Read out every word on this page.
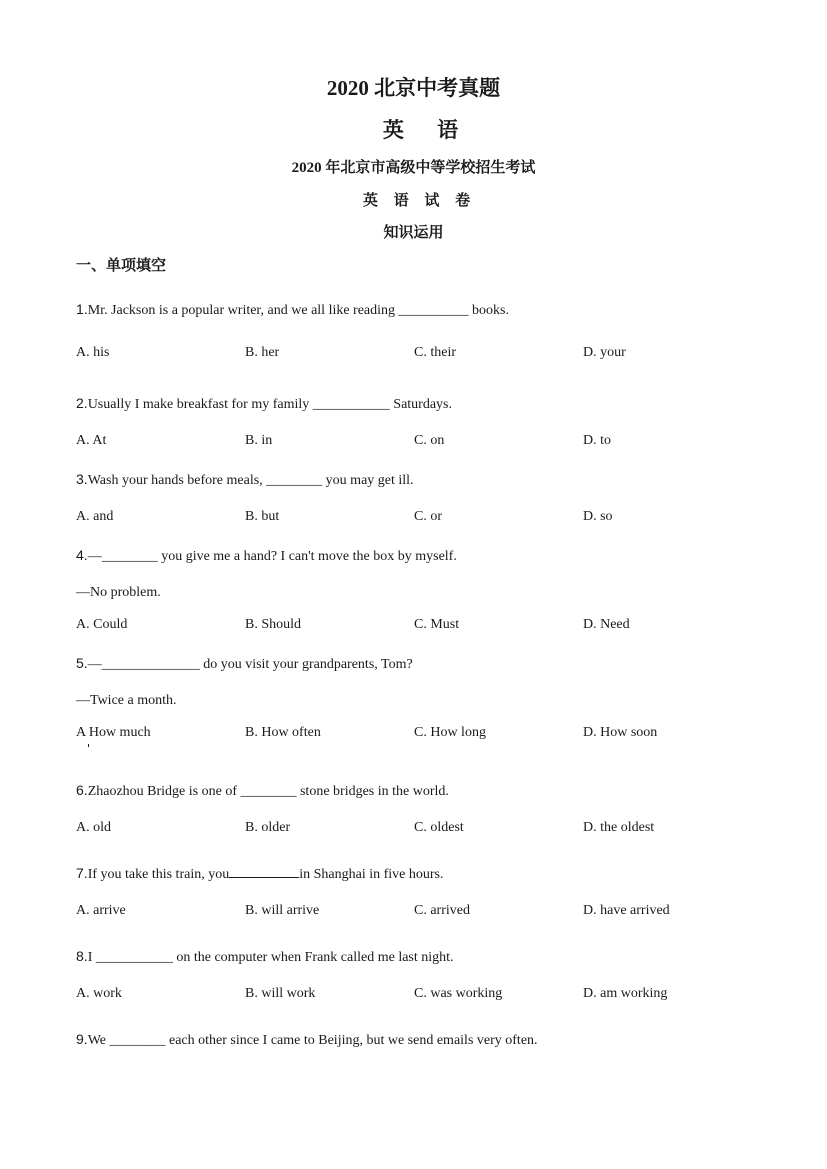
2020 北京中考真题
英 语
2020 年北京市高级中等学校招生考试
英 语 试 卷
知识运用
一、单项填空
1.Mr. Jackson is a popular writer, and we all like reading __________ books.
A. his	B. her	C. their	D. your
2.Usually I make breakfast for my family ___________ Saturdays.
A. At	B. in	C. on	D. to
3.Wash your hands before meals, ________ you may get ill.
A. and	B. but	C. or	D. so
4.—________ you give me a hand? I can't move the box by myself.
—No problem.
A. Could	B. Should	C. Must	D. Need
5.—______________ do you visit your grandparents, Tom?
—Twice a month.
A How much	B. How often	C. How long	D. How soon
6.Zhaozhou Bridge is one of ________ stone bridges in the world.
A. old	B. older	C. oldest	D. the oldest
7.If you take this train, you	in Shanghai in five hours.
A. arrive	B. will arrive	C. arrived	D. have arrived
8.I ___________ on the computer when Frank called me last night.
A. work	B. will work	C. was working	D. am working
9.We ________ each other since I came to Beijing, but we send emails very often.
